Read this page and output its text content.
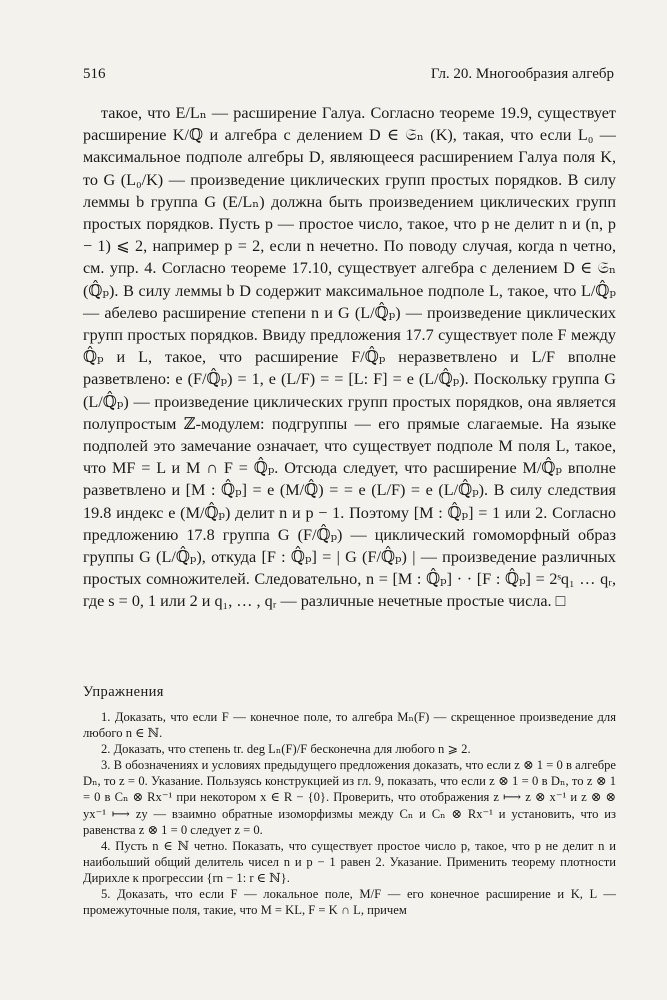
516	Гл. 20. Многообразия алгебр

такое, что E/Lₙ — расширение Галуа. Согласно теореме 19.9, существует расширение K/ℚ и алгебра с делением D ∈ 𝔖ₙ (K), такая, что если L₀ — максимальное подполе алгебры D, являющееся расширением Галуа поля K, то G (L₀/K) — произведение циклических групп простых порядков. В силу леммы b группа G (E/Lₙ) должна быть произведением циклических групп простых порядков. Пусть p — простое число, такое, что p не делит n и (n, p − 1) ⩽ 2, например p = 2, если n нечетно. По поводу случая, когда n четно, см. упр. 4. Согласно теореме 17.10, существует алгебра с делением D ∈ 𝔖ₙ (ℚ̂ₚ). В силу леммы b D содержит максимальное подполе L, такое, что L/ℚ̂ₚ — абелево расширение степени n и G (L/ℚ̂ₚ) — произведение циклических групп простых порядков. Ввиду предложения 17.7 существует поле F между ℚ̂ₚ и L, такое, что расширение F/ℚ̂ₚ неразветвлено и L/F вполне разветвлено: e (F/ℚ̂ₚ) = 1, e (L/F) = = [L: F] = e (L/ℚ̂ₚ). Поскольку группа G (L/ℚ̂ₚ) — произведение циклических групп простых порядков, она является полупростым ℤ-модулем: подгруппы — его прямые слагаемые. На языке подполей это замечание означает, что существует подполе M поля L, такое, что MF = L и M ∩ F = ℚ̂ₚ. Отсюда следует, что расширение M/ℚ̂ₚ вполне разветвлено и [M : ℚ̂ₚ] = e (M/ℚ̂) = = e (L/F) = e (L/ℚ̂ₚ). В силу следствия 19.8 индекс e (M/ℚ̂ₚ) делит n и p − 1. Поэтому [M : ℚ̂ₚ] = 1 или 2. Согласно предложению 17.8 группа G (F/ℚ̂ₚ) — циклический гомоморфный образ группы G (L/ℚ̂ₚ), откуда [F : ℚ̂ₚ] = | G (F/ℚ̂ₚ) | — произведение различных простых сомножителей. Следовательно, n = [M : ℚ̂ₚ] · · [F : ℚ̂ₚ] = 2ˢq₁ … qᵣ, где s = 0, 1 или 2 и q₁, … , qᵣ — различные нечетные простые числа. □

Упражнения

1. Доказать, что если F — конечное поле, то алгебра Mₙ(F) — скрещенное произведение для любого n ∈ ℕ.

2. Доказать, что степень tr. deg Lₙ(F)/F бесконечна для любого n ⩾ 2.

3. В обозначениях и условиях предыдущего предложения доказать, что если z ⊗ 1 = 0 в алгебре Dₙ, то z = 0. Указание. Пользуясь конструкцией из гл. 9, показать, что если z ⊗ 1 = 0 в Dₙ, то z ⊗ 1 = 0 в Cₙ ⊗ Rx⁻¹ при некотором x ∈ R − {0}. Проверить, что отображения z ⟼ z ⊗ x⁻¹ и z ⊗ ⊗ yx⁻¹ ⟼ zy — взаимно обратные изоморфизмы между Cₙ и Cₙ ⊗ Rx⁻¹ и установить, что из равенства z ⊗ 1 = 0 следует z = 0.

4. Пусть n ∈ ℕ четно. Показать, что существует простое число p, такое, что p не делит n и наибольший общий делитель чисел n и p − 1 равен 2. Указание. Применить теорему плотности Дирихле к прогрессии {rn − 1: r ∈ ℕ}.

5. Доказать, что если F — локальное поле, M/F — его конечное расширение и K, L — промежуточные поля, такие, что M = KL, F = K ∩ L, причем
